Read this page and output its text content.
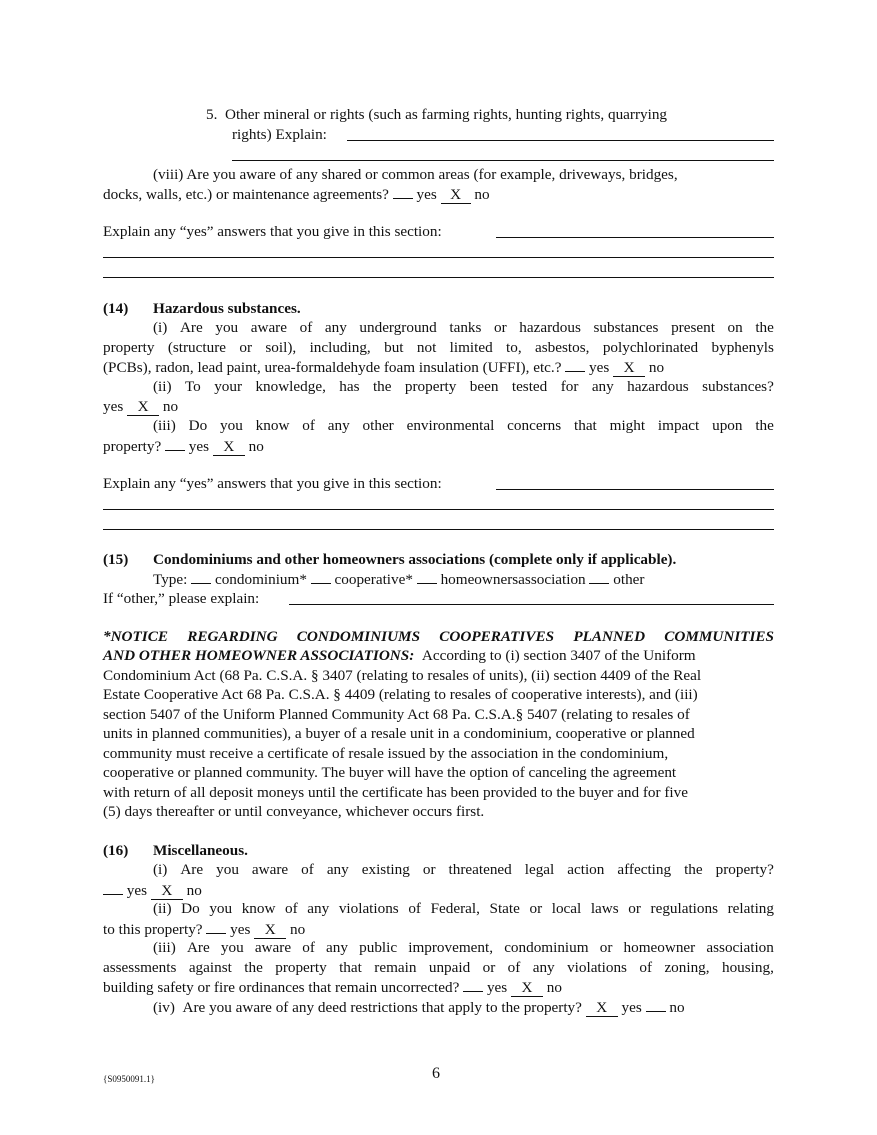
5.  Other mineral or rights (such as farming rights, hunting rights, quarrying
rights) Explain:
(viii) Are you aware of any shared or common areas (for example, driveways, bridges,
docks, walls, etc.) or maintenance agreements? yes X no
Explain any “yes” answers that you give in this section:
(14) Hazardous substances.
(i) Are you aware of any underground tanks or hazardous substances present on the
property (structure or soil), including, but not limited to, asbestos, polychlorinated byphenyls
(PCBs), radon, lead paint, urea-formaldehyde foam insulation (UFFI), etc.? yes X no
(ii) To your knowledge, has the property been tested for any hazardous substances?
yes X no
(iii) Do you know of any other environmental concerns that might impact upon the
property? yes X no
Explain any “yes” answers that you give in this section:
(15) Condominiums and other homeowners associations (complete only if applicable).
Type: condominium* cooperative* homeownersassociation other
If “other,” please explain:
*NOTICE REGARDING CONDOMINIUMS COOPERATIVES PLANNED COMMUNITIES
AND OTHER HOMEOWNER ASSOCIATIONS: According to (i) section 3407 of the Uniform
Condominium Act (68 Pa. C.S.A. § 3407 (relating to resales of units), (ii) section 4409 of the Real
Estate Cooperative Act 68 Pa. C.S.A. § 4409 (relating to resales of cooperative interests), and (iii)
section 5407 of the Uniform Planned Community Act 68 Pa. C.S.A.§ 5407 (relating to resales of
units in planned communities), a buyer of a resale unit in a condominium, cooperative or planned
community must receive a certificate of resale issued by the association in the condominium,
cooperative or planned community. The buyer will have the option of canceling the agreement
with return of all deposit moneys until the certificate has been provided to the buyer and for five
(5) days thereafter or until conveyance, whichever occurs first.
(16) Miscellaneous.
(i) Are you aware of any existing or threatened legal action affecting the property?
yes X no
(ii) Do you know of any violations of Federal, State or local laws or regulations relating
to this property? yes X no
(iii) Are you aware of any public improvement, condominium or homeowner association
assessments against the property that remain unpaid or of any violations of zoning, housing,
building safety or fire ordinances that remain uncorrected? yes X no
(iv)  Are you aware of any deed restrictions that apply to the property? X yes no
{S0950091.1}	6
